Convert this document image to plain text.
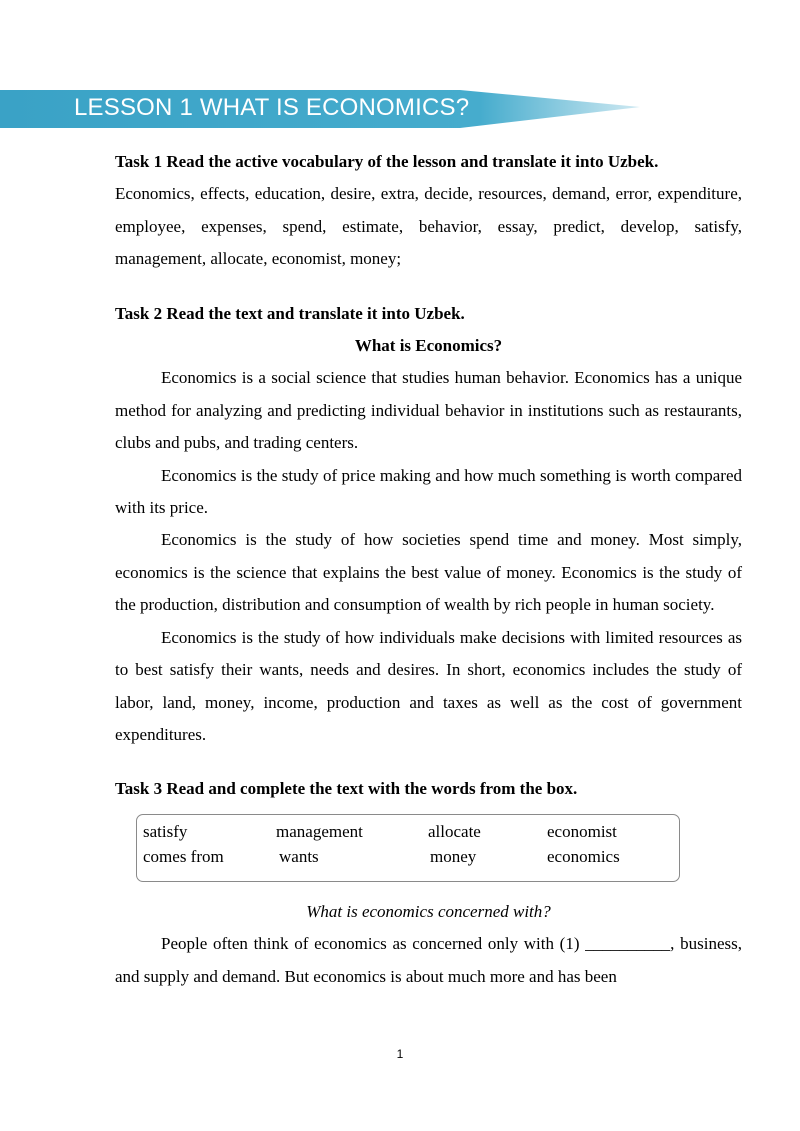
LESSON 1 WHAT IS ECONOMICS?

Task 1 Read the active vocabulary of the lesson and translate it into Uzbek.

Economics, effects, education, desire, extra, decide, resources, demand, error, expenditure, employee, expenses, spend, estimate, behavior, essay, predict, develop, satisfy, management, allocate, economist, money;

Task 2 Read the text and translate it into Uzbek.

What is Economics?

Economics is a social science that studies human behavior. Economics has a unique method for analyzing and predicting individual behavior in institutions such as restaurants, clubs and pubs, and trading centers.

Economics is the study of price making and how much something is worth compared with its price.

Economics is the study of how societies spend time and money. Most simply, economics is the science that explains the best value of money. Economics is the study of the production, distribution and consumption of wealth by rich people in human society.

Economics is the study of how individuals make decisions with limited resources as to best satisfy their wants, needs and desires. In short, economics includes the study of labor, land, money, income, production and taxes as well as the cost of government expenditures.

Task 3 Read and complete the text with the words from the box.

satisfy	management	allocate	economist
comes from	wants	money	economics

What is economics concerned with?

People often think of economics as concerned only with (1) __________, business, and supply and demand. But economics is about much more and has been

1
